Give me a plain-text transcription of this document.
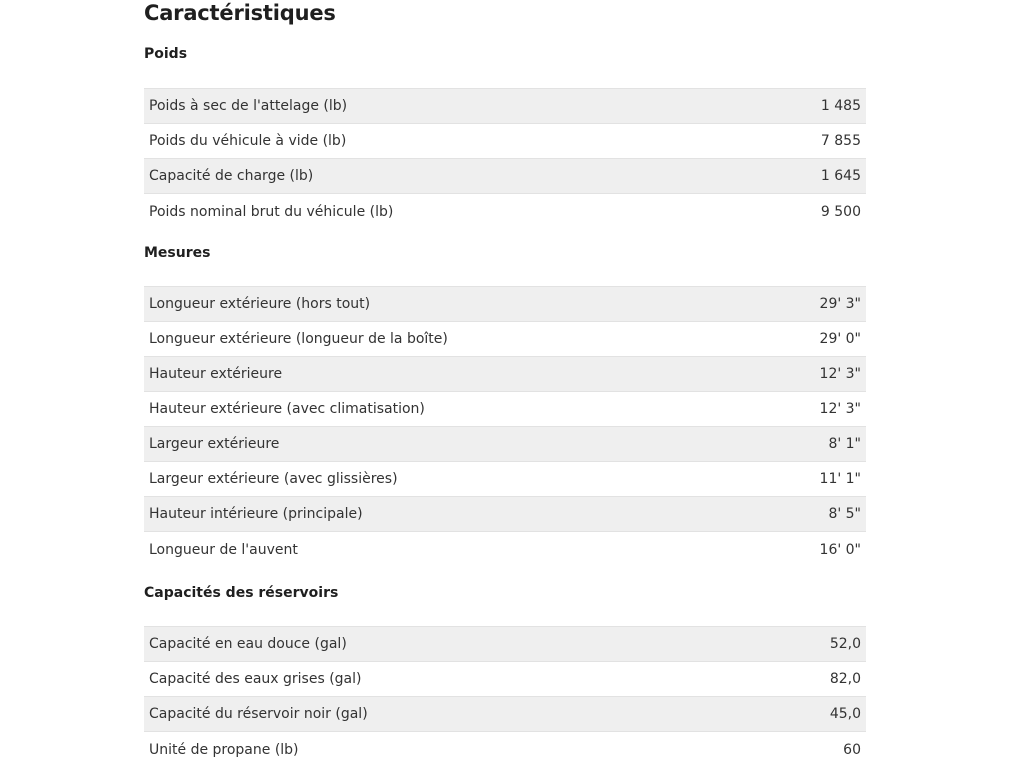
Caractéristiques
Poids
Poids à sec de l'attelage (lb)	1 485
Poids du véhicule à vide (lb)	7 855
Capacité de charge (lb)	1 645
Poids nominal brut du véhicule (lb)	9 500
Mesures
Longueur extérieure (hors tout)	29' 3"
Longueur extérieure (longueur de la boîte)	29' 0"
Hauteur extérieure	12' 3"
Hauteur extérieure (avec climatisation)	12' 3"
Largeur extérieure	8' 1"
Largeur extérieure (avec glissières)	11' 1"
Hauteur intérieure (principale)	8' 5"
Longueur de l'auvent	16' 0"
Capacités des réservoirs
Capacité en eau douce (gal)	52,0
Capacité des eaux grises (gal)	82,0
Capacité du réservoir noir (gal)	45,0
Unité de propane (lb)	60
